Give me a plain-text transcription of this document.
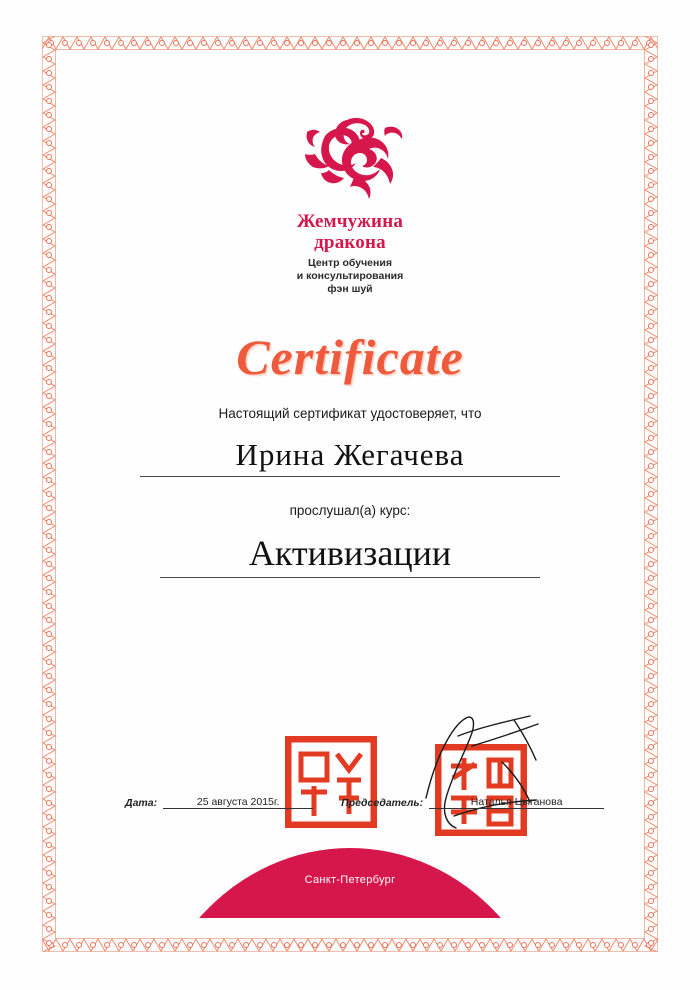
Жемчужина
дракона
Центр обучения
и консультирования
фэн шуй
Certificate
Настоящий сертификат удостоверяет, что
Ирина Жегачева
прослушал(а) курс:
Активизации
Дата:	25 августа 2015г.	Председатель:	Наталья Цыганова
Санкт-Петербург
